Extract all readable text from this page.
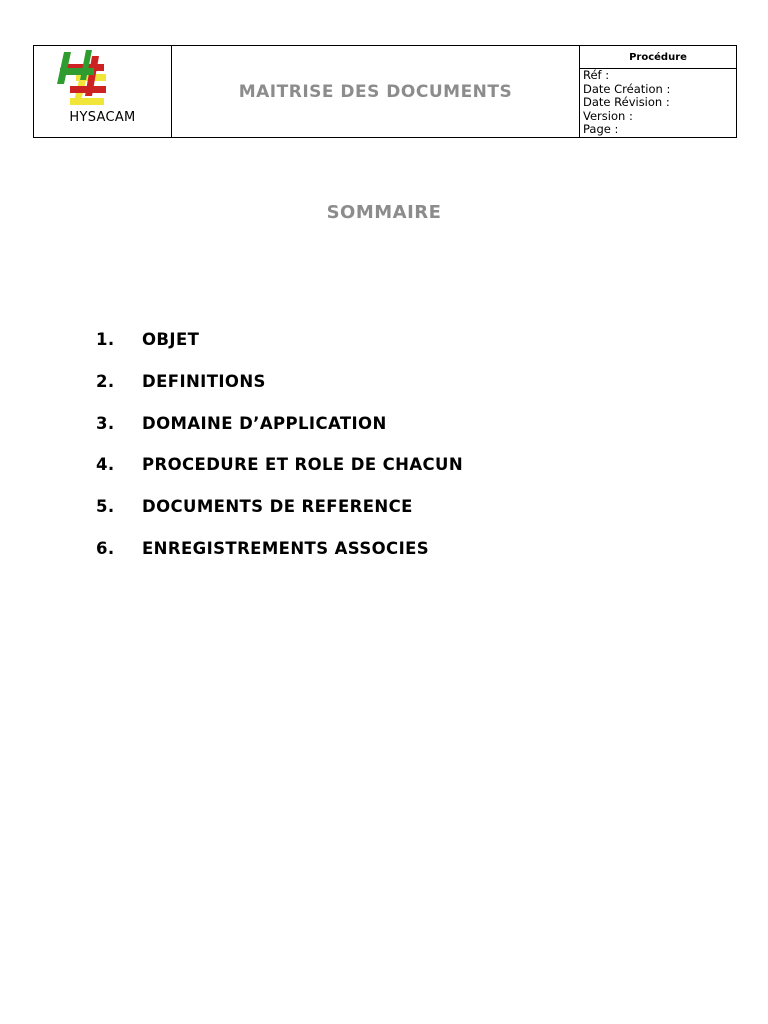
HYSACAM
MAITRISE DES DOCUMENTS
Procédure
Réf :
Date Création :
Date Révision :
Version :
Page :
SOMMAIRE
1.	OBJET
2.	DEFINITIONS
3.	DOMAINE D’APPLICATION
4.	PROCEDURE ET ROLE DE CHACUN
5.	DOCUMENTS DE REFERENCE
6.	ENREGISTREMENTS ASSOCIES
